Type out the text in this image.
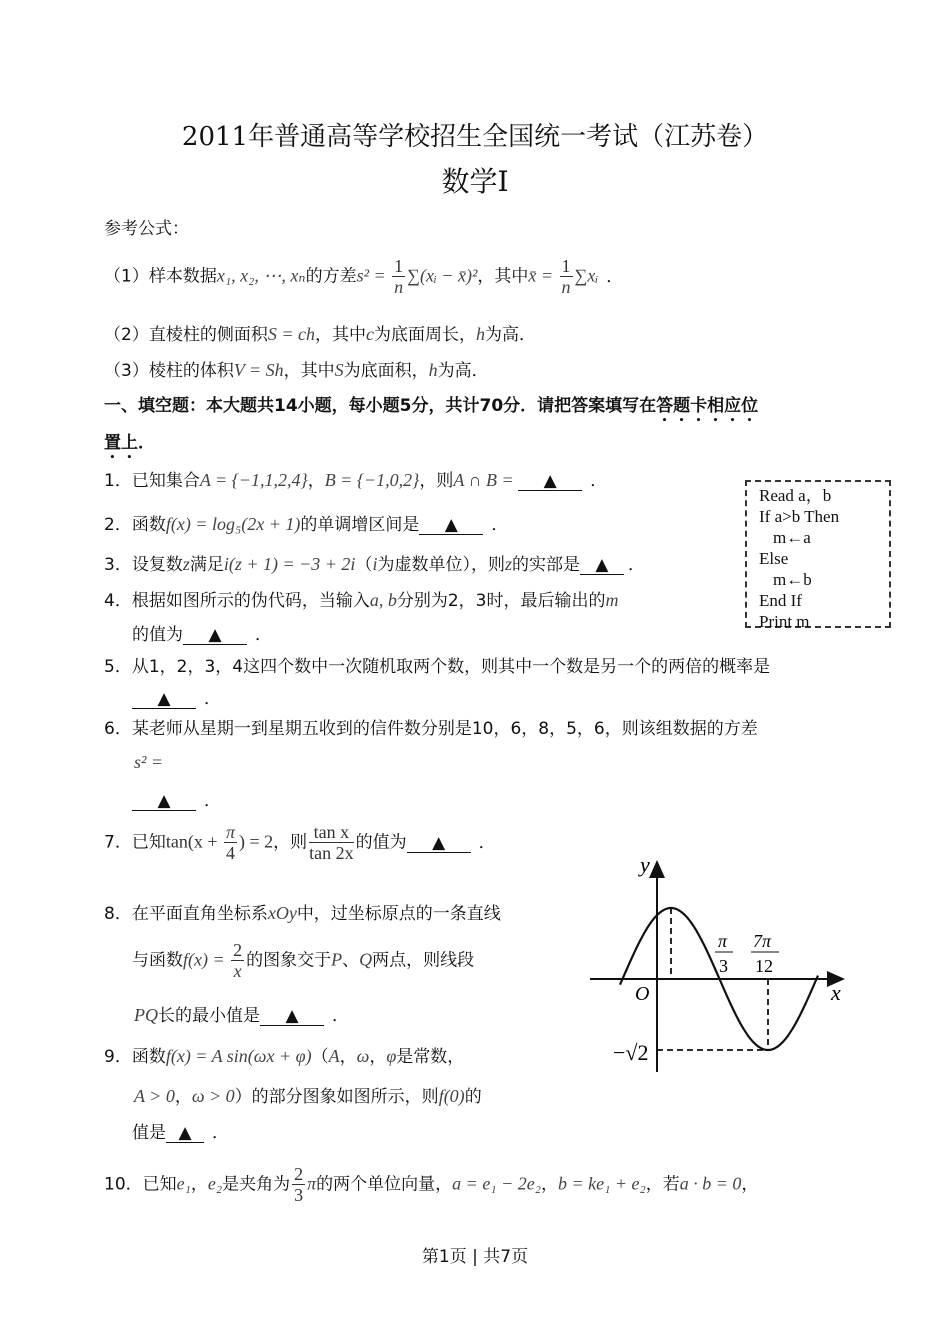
2011年普通高等学校招生全国统一考试（江苏卷）
数学Ⅰ
参考公式：
（1）样本数据x₁, x₂, ⋯, xₙ的方差$s^2 = \frac{1}{n}$ ∑(xᵢ − x̄)²，其中x̄ = $\frac{1}{n}$ ∑xᵢ ．
（2）直棱柱的侧面积S = ch，其中c为底面周长，h为高．
（3）棱柱的体积V = Sh，其中S为底面积，h为高．
一、填空题：本大题共14小题，每小题5分，共计70分．请把答案填写在答题卡相应位
置上．
1．已知集合A = {−1,1,2,4}，B = {−1,0,2}，则A ∩ B = ▲ ．
Read a，b
If a>b Then
m←a
Else
m←b
End If
Print m
2．函数f(x) = log₅(2x + 1)的单调增区间是 ▲ ．
3．设复数z满足i(z + 1) = −3 + 2i（i为虚数单位），则z的实部是 ▲ ．
4．根据如图所示的伪代码，当输入a, b分别为2，3时，最后输出的m
的值为 ▲ ．
5．从1，2，3，4这四个数中一次随机取两个数，则其中一个数是另一个的两倍的概率是
▲ ．
6．某老师从星期一到星期五收到的信件数分别是10，6，8，5，6，则该组数据的方差
s² =
▲ ．
7．已知$\tan(x + \frac{\pi}{4}$ ) = 2，则 $\frac{\text{tan x}}{\tan 2x}$ 的值为 ▲ ．
8．在平面直角坐标系xOy中，过坐标原点的一条直线
与函数$f(x) = \frac{2}{x}$ 的图象交于P、Q两点，则线段
PQ长的最小值是 ▲ ．
9．函数f(x) = A sin(ωx + φ)（A，ω，φ是常数，
A > 0，ω > 0）的部分图象如图所示，则f(0)的
值是 ▲ ．
10．已知e₁，e₂是夹角为 $\frac{2}{3}$ π的两个单位向量，a = e₁ − 2e₂，b = ke₁ + e₂，若a · b = 0，
y
x
O
π
3
7π
12
−√2
第1页 | 共7页
